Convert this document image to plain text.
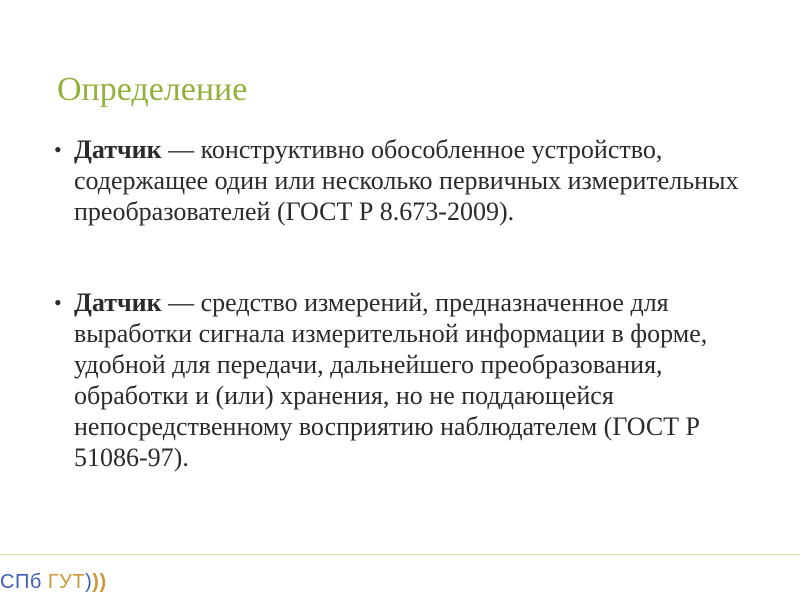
Определение
• Датчик — конструктивно обособленное устройство, содержащее один или несколько первичных измерительных преобразователей (ГОСТ Р 8.673-2009).
• Датчик — средство измерений, предназначенное для выработки сигнала измерительной информации в форме, удобной для передачи, дальнейшего преобразования, обработки и (или) хранения, но не поддающейся непосредственному восприятию наблюдателем (ГОСТ Р 51086-97).
СПб ГУТ)))
